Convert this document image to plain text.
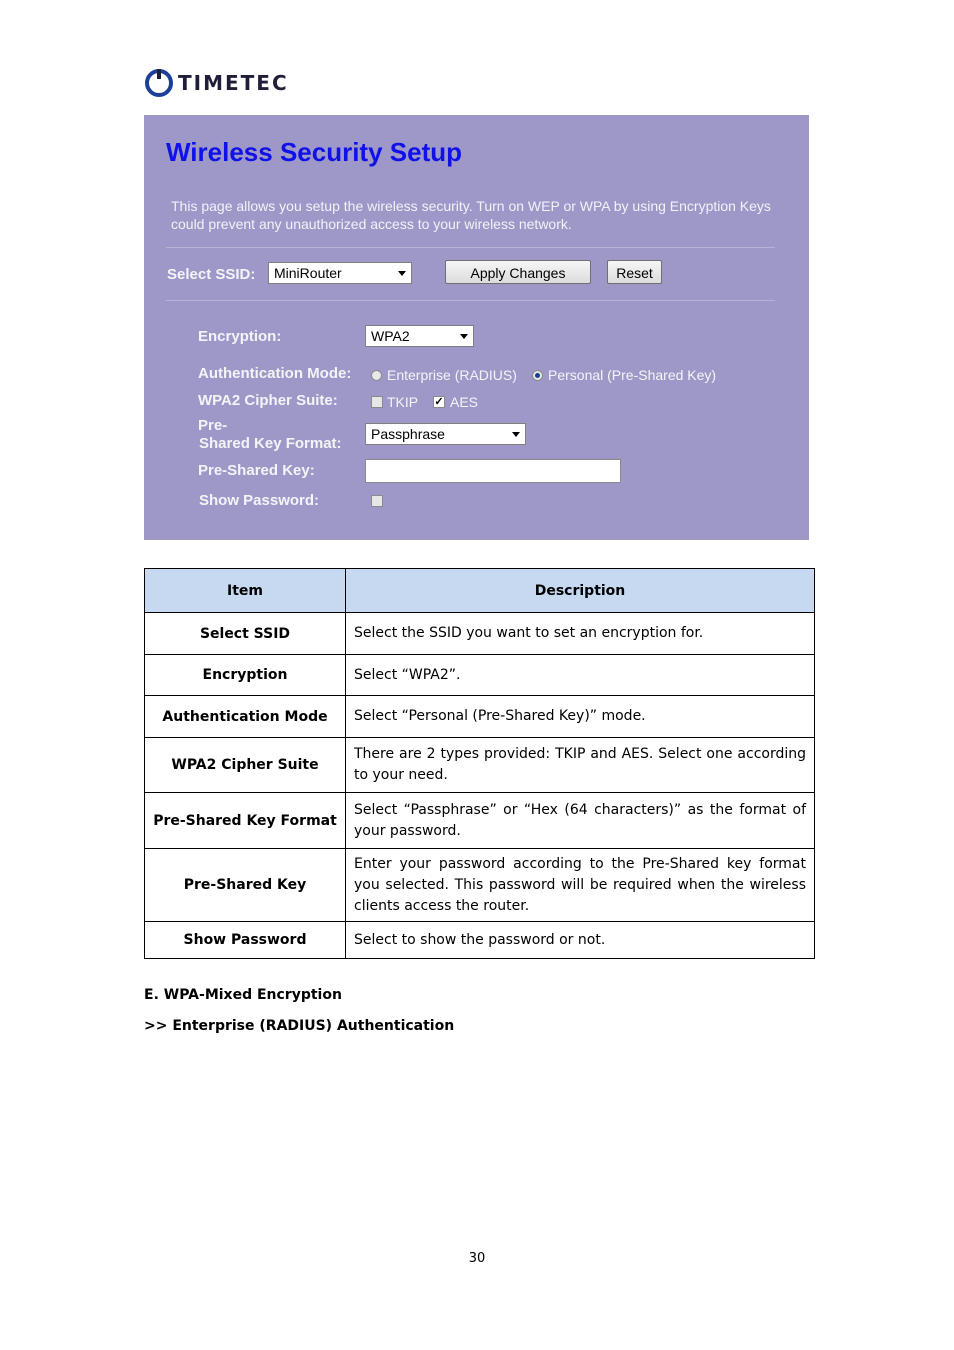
TIMETEC
Wireless Security Setup
This page allows you setup the wireless security. Turn on WEP or WPA by using Encryption Keys could prevent any unauthorized access to your wireless network.
Select SSID:	MiniRouter	Apply Changes	Reset
Encryption:	WPA2
Authentication Mode:	Enterprise (RADIUS) Personal (Pre-Shared Key)
WPA2 Cipher Suite:	TKIP ✓ AES
Pre-
Shared Key Format:
Passphrase
Pre-Shared Key:
Show Password:
Item	Description
Select SSID	Select the SSID you want to set an encryption for.
Encryption	Select “WPA2”.
Authentication Mode	Select “Personal (Pre-Shared Key)” mode.
WPA2 Cipher Suite	There are 2 types provided: TKIP and AES. Select one according to your need.
Pre-Shared Key Format	Select “Passphrase” or “Hex (64 characters)” as the format of your password.
Pre-Shared Key	Enter your password according to the Pre-Shared key format you selected. This password will be required when the wireless clients access the router.
Show Password	Select to show the password or not.
E. WPA-Mixed Encryption
>> Enterprise (RADIUS) Authentication
30
